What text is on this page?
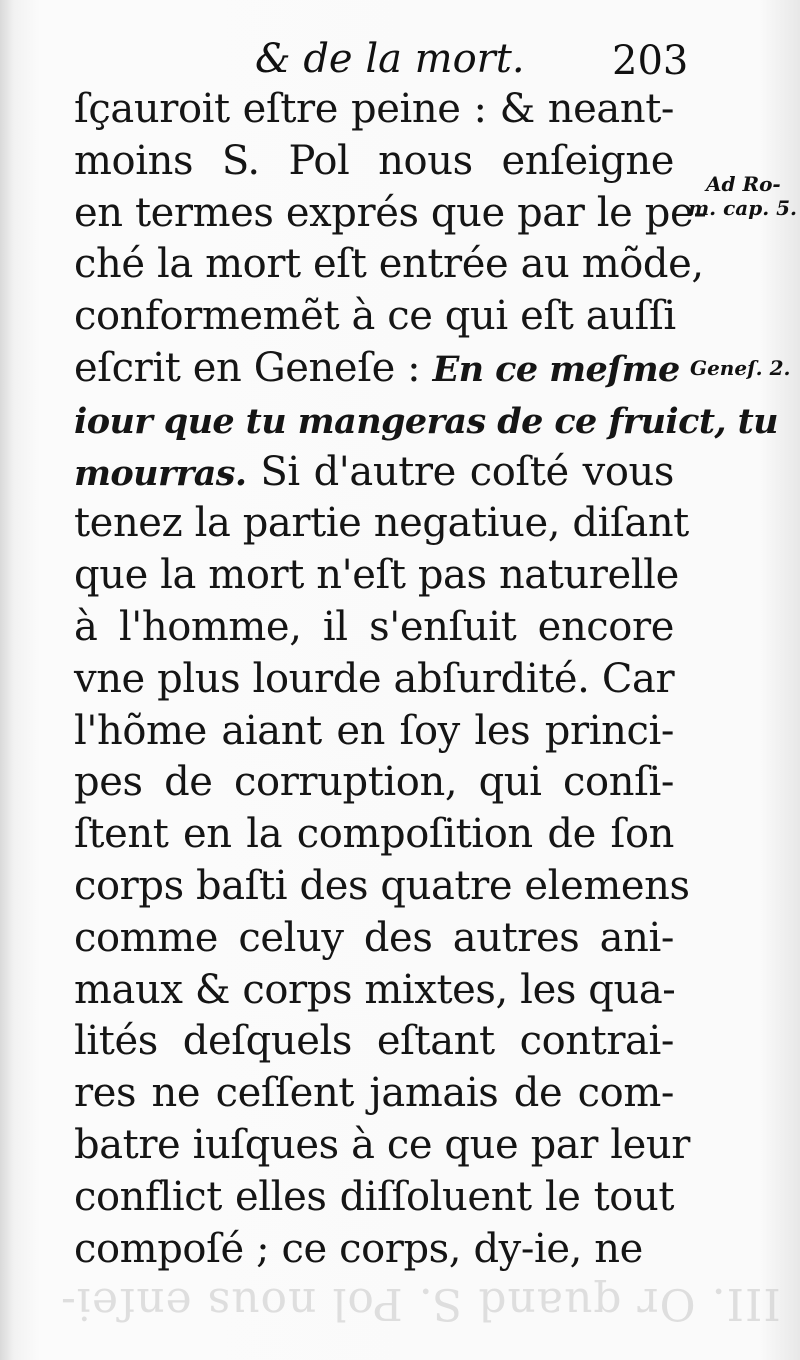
III. Or quand S. Pol nous enſei-
& de la mort. 203
ſçauroit eſtre peine : & neant-
moins S. Pol nous enſeigne
en termes exprés que par le pe-
ché la mort eſt entrée au mõde,
conformemẽt à ce qui eſt auſſi
eſcrit en Geneſe : En ce meſme
iour que tu mangeras de ce fruict, tu
mourras. Si d'autre coſté vous
tenez la partie negatiue, diſant
que la mort n'eſt pas naturelle
à l'homme, il s'enſuit encore
vne plus lourde abſurdité. Car
l'hõme aiant en ſoy les princi-
pes de corruption, qui conſi-
ſtent en la compoſition de ſon
corps baſti des quatre elemens
comme celuy des autres ani-
maux & corps mixtes, les qua-
lités deſquels eſtant contrai-
res ne ceſſent jamais de com-
batre iuſques à ce que par leur
conflict elles diſſoluent le tout
compoſé ; ce corps, dy-ie, ne
Ad Ro-
m. cap. 5.
Geneſ. 2.
